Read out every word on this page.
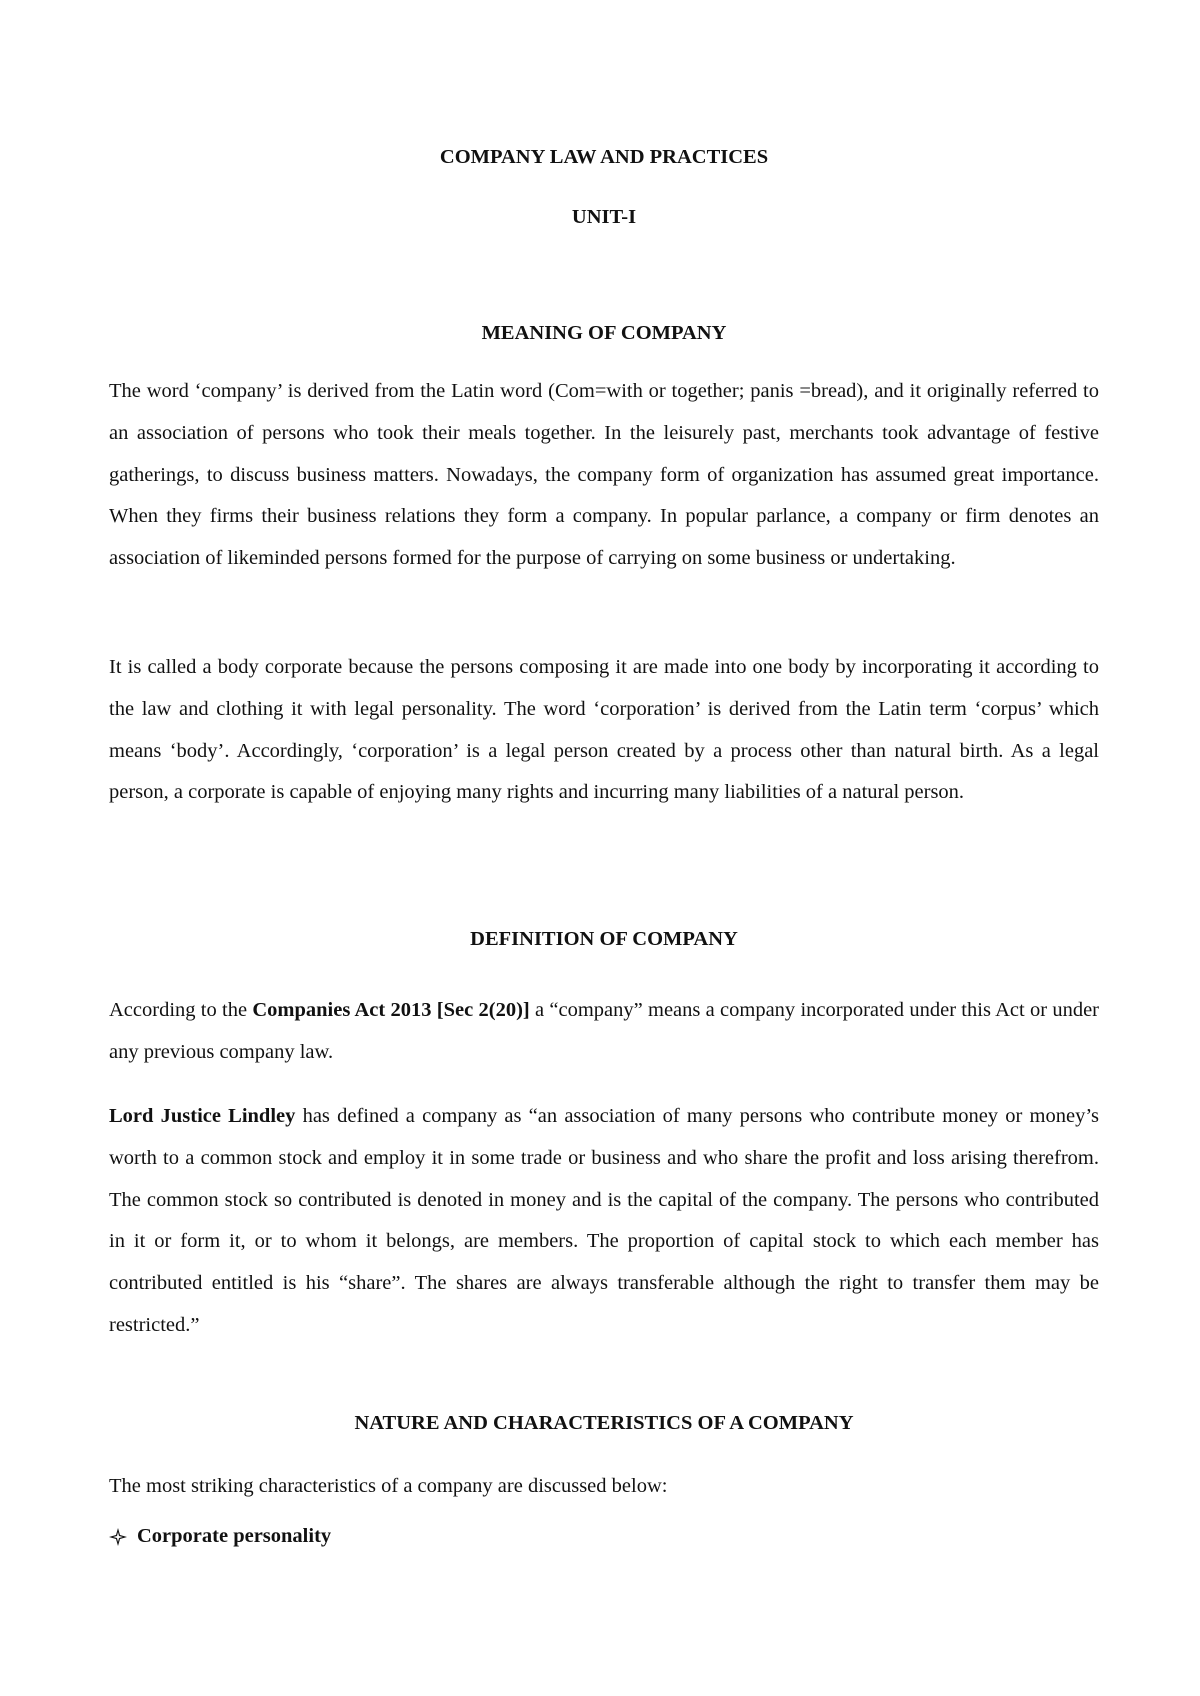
COMPANY LAW AND PRACTICES
UNIT-I
MEANING OF COMPANY

The word ‘company’ is derived from the Latin word (Com=with or together; panis =bread), and it originally referred to an association of persons who took their meals together. In the leisurely past, merchants took advantage of festive gatherings, to discuss business matters. Nowadays, the company form of organization has assumed great importance. When they firms their business relations they form a company. In popular parlance, a company or firm denotes an association of likeminded persons formed for the purpose of carrying on some business or undertaking.

It is called a body corporate because the persons composing it are made into one body by incorporating it according to the law and clothing it with legal personality. The word ‘corporation’ is derived from the Latin term ‘corpus’ which means ‘body’. Accordingly, ‘corporation’ is a legal person created by a process other than natural birth. As a legal person, a corporate is capable of enjoying many rights and incurring many liabilities of a natural person.

DEFINITION OF COMPANY

According to the Companies Act 2013 [Sec 2(20)] a “company” means a company incorporated under this Act or under any previous company law.

Lord Justice Lindley has defined a company as “an association of many persons who contribute money or money’s worth to a common stock and employ it in some trade or business and who share the profit and loss arising therefrom. The common stock so contributed is denoted in money and is the capital of the company. The persons who contributed in it or form it, or to whom it belongs, are members. The proportion of capital stock to which each member has contributed entitled is his “share”. The shares are always transferable although the right to transfer them may be restricted.”

NATURE AND CHARACTERISTICS OF A COMPANY

The most striking characteristics of a company are discussed below:

Corporate personality
